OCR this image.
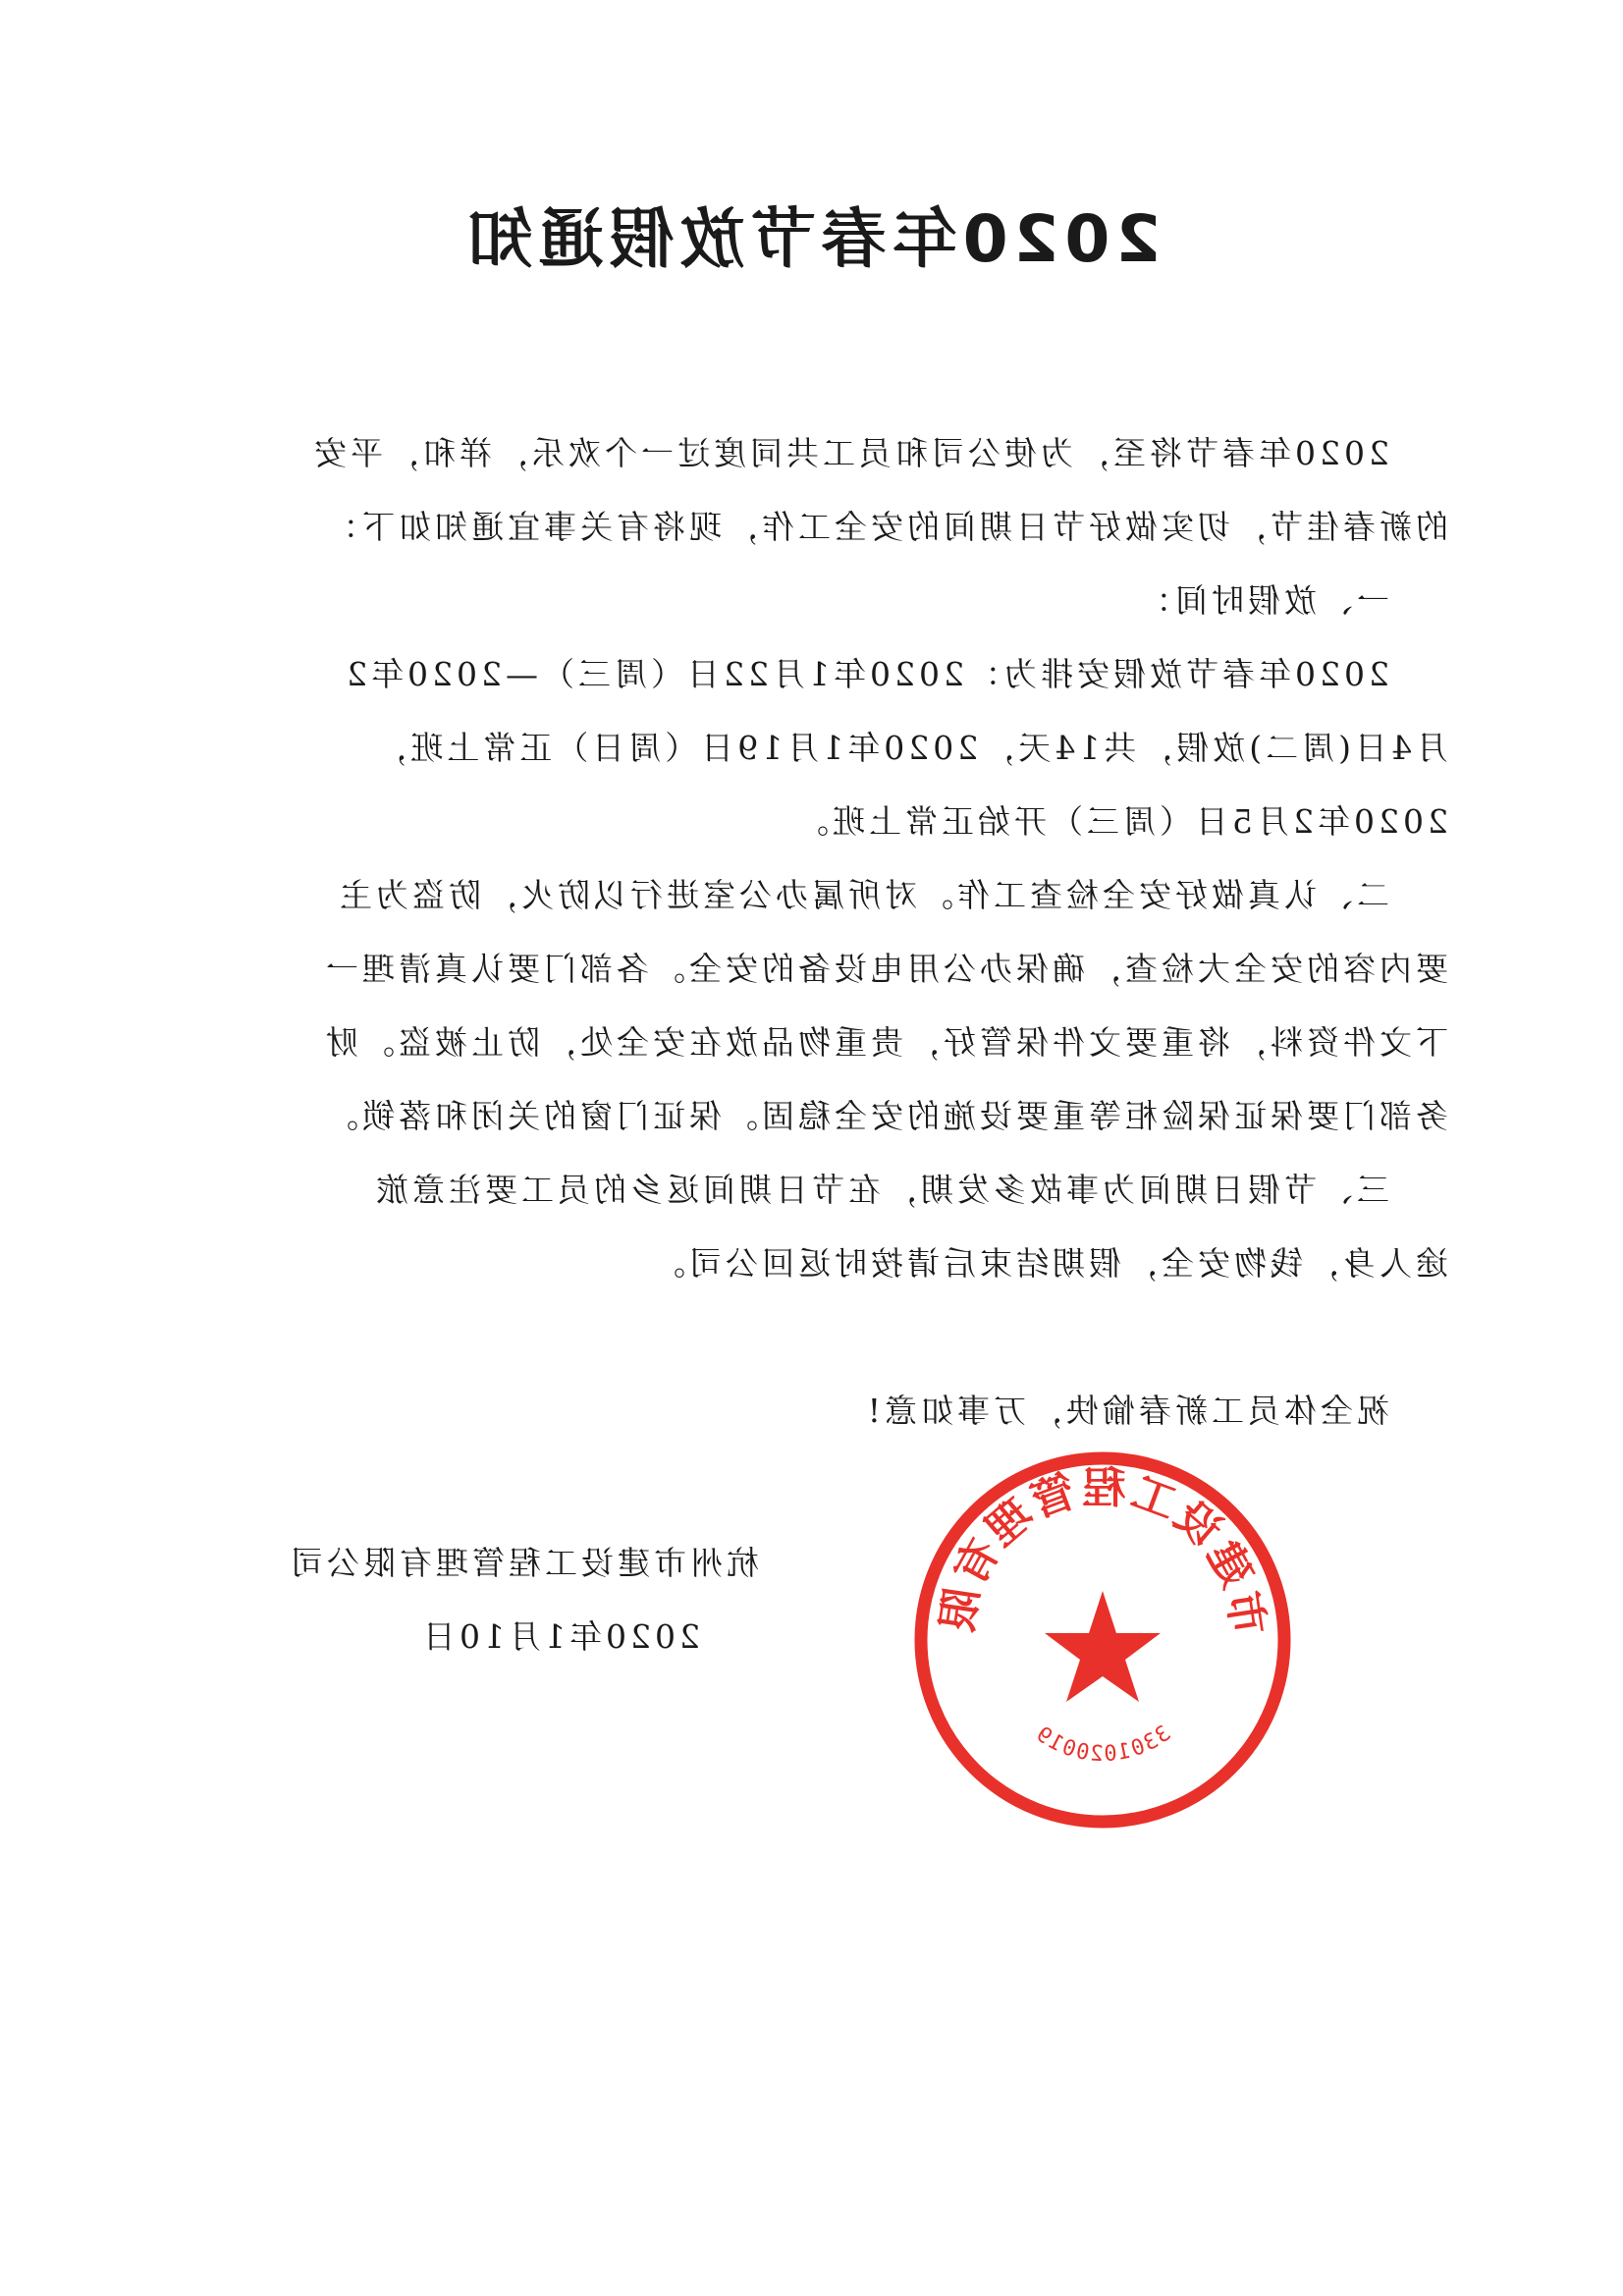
2020年春节放假通知
2020年春节将至，为使公司和员工共同度过一个欢乐，祥和，平安
的新春佳节，切实做好节日期间的安全工作，现将有关事宜通知如下：
一、放假时间：
2020年春节放假安排为：2020年1月22日（周三）—2020年2
月4日(周二)放假，共14天，2020年1月19日（周日）正常上班，
2020年2月5日（周三）开始正常上班。
二、认真做好安全检查工作。对所属办公室进行以防火，防盗为主
要内容的安全大检查，确保办公用电设备的安全。各部门要认真清理一
下文件资料，将重要文件保管好，贵重物品放在安全处，防止被盗。财
务部门要保证保险柜等重要设施的安全稳固。保证门窗的关闭和落锁。
三、节假日期间为事故多发期，在节日期间返乡的员工要注意旅
途人身，钱物安全，假期结束后请按时返回公司。
祝全体员工新春愉快，万事如意!
杭州市建设工程管理有限公司
2020年1月10日	市建设工程管理有限
3301020019
